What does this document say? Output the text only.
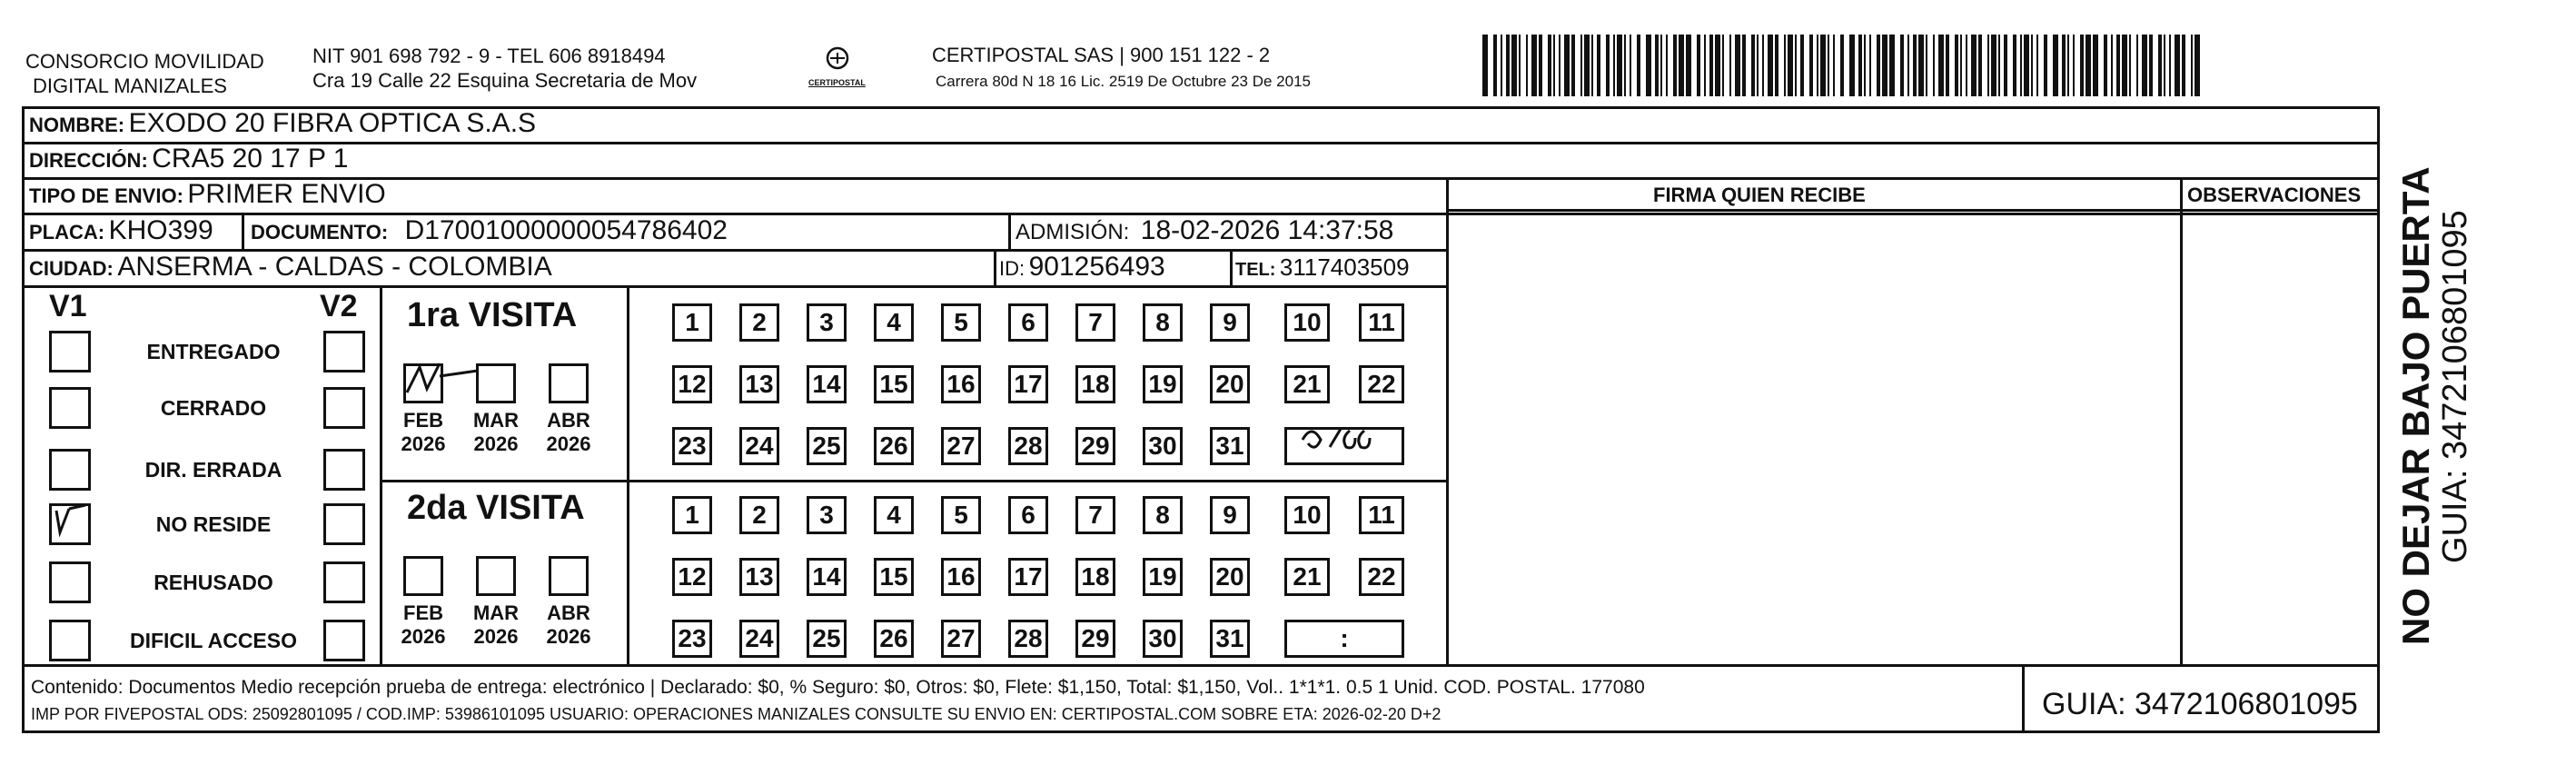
CONSORCIO MOVILIDAD
DIGITAL MANIZALES
NIT 901 698 792 - 9 - TEL 606 8918494
Cra 19 Calle 22 Esquina Secretaria de Mov	CERTIPOSTAL
CERTIPOSTAL SAS | 900 151 122 - 2
Carrera 80d N 18 16 Lic. 2519 De Octubre 23 De 2015
NOMBRE: EXODO 20 FIBRA OPTICA S.A.S
DIRECCIÓN: CRA5 20 17 P 1
TIPO DE ENVIO: PRIMER ENVIO	FIRMA QUIEN RECIBE	OBSERVACIONES
PLACA: KHO399 DOCUMENTO: D17001000000054786402	ADMISIÓN: 18-02-2026 14:37:58
CIUDAD: ANSERMA - CALDAS - COLOMBIA	ID: 901256493	TEL: 3117403509
V1	V2
ENTREGADO
CERRADO
DIR. ERRADA
NO RESIDE
REHUSADO
DIFICIL ACCESO
1ra VISITA
2da VISITA
FEB
2026
MAR
2026
ABR
2026
FEB
2026
MAR
2026
ABR
2026
1	2	3	4	5	6	7	8	9	10	11
12 13 14 15 16 17 18 19 20	21	22
23 24 25 26 27 28 29 30 31
1	2	3	4	5	6	7	8	9	10	11
12 13 14 15 16 17 18 19 20	21	22
23 24 25 26 27 28 29 30 31	:
Contenido: Documentos Medio recepción prueba de entrega: electrónico | Declarado: $0, % Seguro: $0, Otros: $0, Flete: $1,150, Total: $1,150, Vol.. 1*1*1. 0.5 1 Unid. COD. POSTAL. 177080
IMP POR FIVEPOSTAL ODS: 25092801095 / COD.IMP: 53986101095 USUARIO: OPERACIONES MANIZALES CONSULTE SU ENVIO EN: CERTIPOSTAL.COM SOBRE ETA: 2026-02-20 D+2	GUIA: 3472106801095
NO DEJAR BAJO PUERTA GUIA: 3472106801095
